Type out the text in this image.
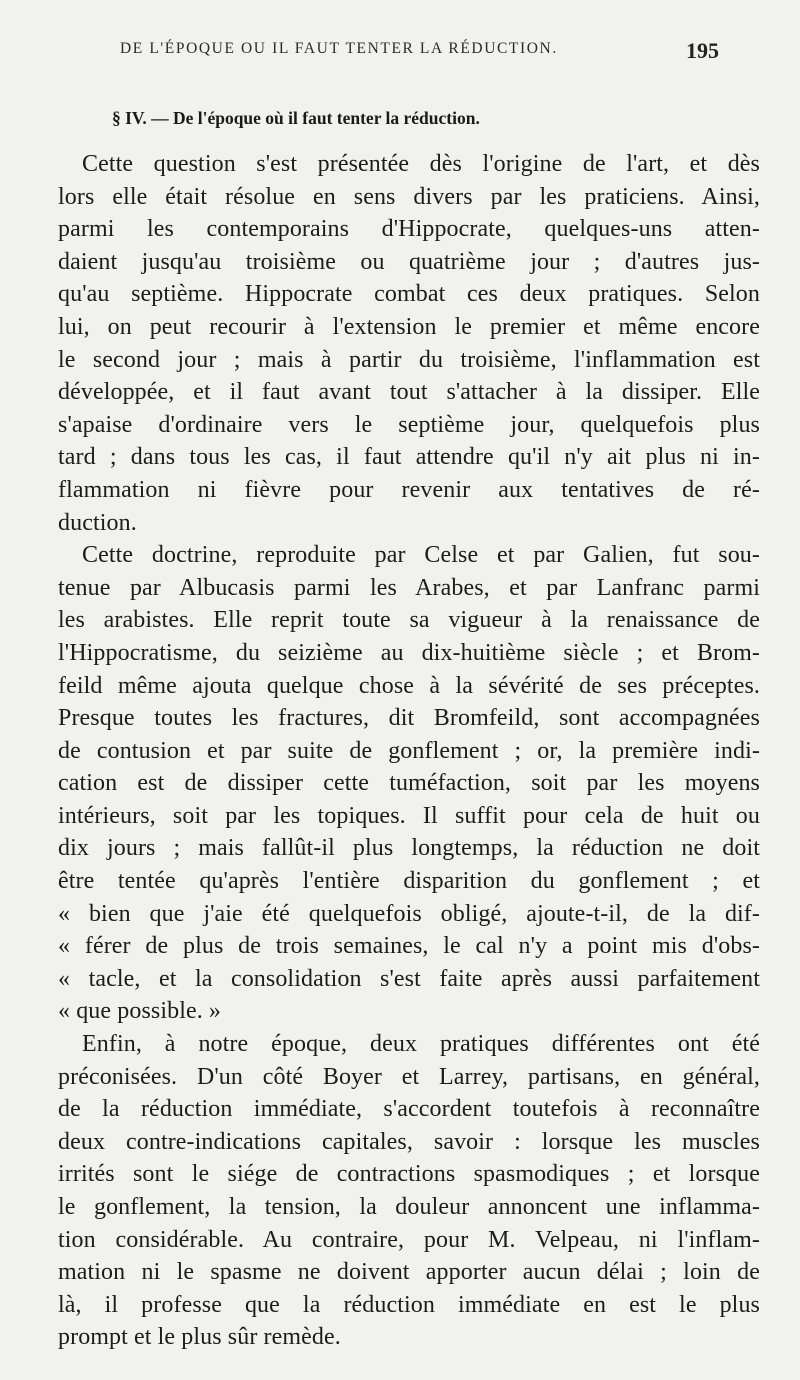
DE L'ÉPOQUE OU IL FAUT TENTER LA RÉDUCTION.	195
§ IV. — De l'époque où il faut tenter la réduction.
Cette question s'est présentée dès l'origine de l'art, et dès
lors elle était résolue en sens divers par les praticiens. Ainsi,
parmi les contemporains d'Hippocrate, quelques-uns atten-
daient jusqu'au troisième ou quatrième jour ; d'autres jus-
qu'au septième. Hippocrate combat ces deux pratiques. Selon
lui, on peut recourir à l'extension le premier et même encore
le second jour ; mais à partir du troisième, l'inflammation est
développée, et il faut avant tout s'attacher à la dissiper. Elle
s'apaise d'ordinaire vers le septième jour, quelquefois plus
tard ; dans tous les cas, il faut attendre qu'il n'y ait plus ni in-
flammation ni fièvre pour revenir aux tentatives de ré-
duction.
Cette doctrine, reproduite par Celse et par Galien, fut sou-
tenue par Albucasis parmi les Arabes, et par Lanfranc parmi
les arabistes. Elle reprit toute sa vigueur à la renaissance de
l'Hippocratisme, du seizième au dix-huitième siècle ; et Brom-
feild même ajouta quelque chose à la sévérité de ses préceptes.
Presque toutes les fractures, dit Bromfeild, sont accompagnées
de contusion et par suite de gonflement ; or, la première indi-
cation est de dissiper cette tuméfaction, soit par les moyens
intérieurs, soit par les topiques. Il suffit pour cela de huit ou
dix jours ; mais fallût-il plus longtemps, la réduction ne doit
être tentée qu'après l'entière disparition du gonflement ; et
« bien que j'aie été quelquefois obligé, ajoute-t-il, de la dif-
« férer de plus de trois semaines, le cal n'y a point mis d'obs-
« tacle, et la consolidation s'est faite après aussi parfaitement
« que possible. »
Enfin, à notre époque, deux pratiques différentes ont été
préconisées. D'un côté Boyer et Larrey, partisans, en général,
de la réduction immédiate, s'accordent toutefois à reconnaître
deux contre-indications capitales, savoir : lorsque les muscles
irrités sont le siége de contractions spasmodiques ; et lorsque
le gonflement, la tension, la douleur annoncent une inflamma-
tion considérable. Au contraire, pour M. Velpeau, ni l'inflam-
mation ni le spasme ne doivent apporter aucun délai ; loin de
là, il professe que la réduction immédiate en est le plus
prompt et le plus sûr remède.
